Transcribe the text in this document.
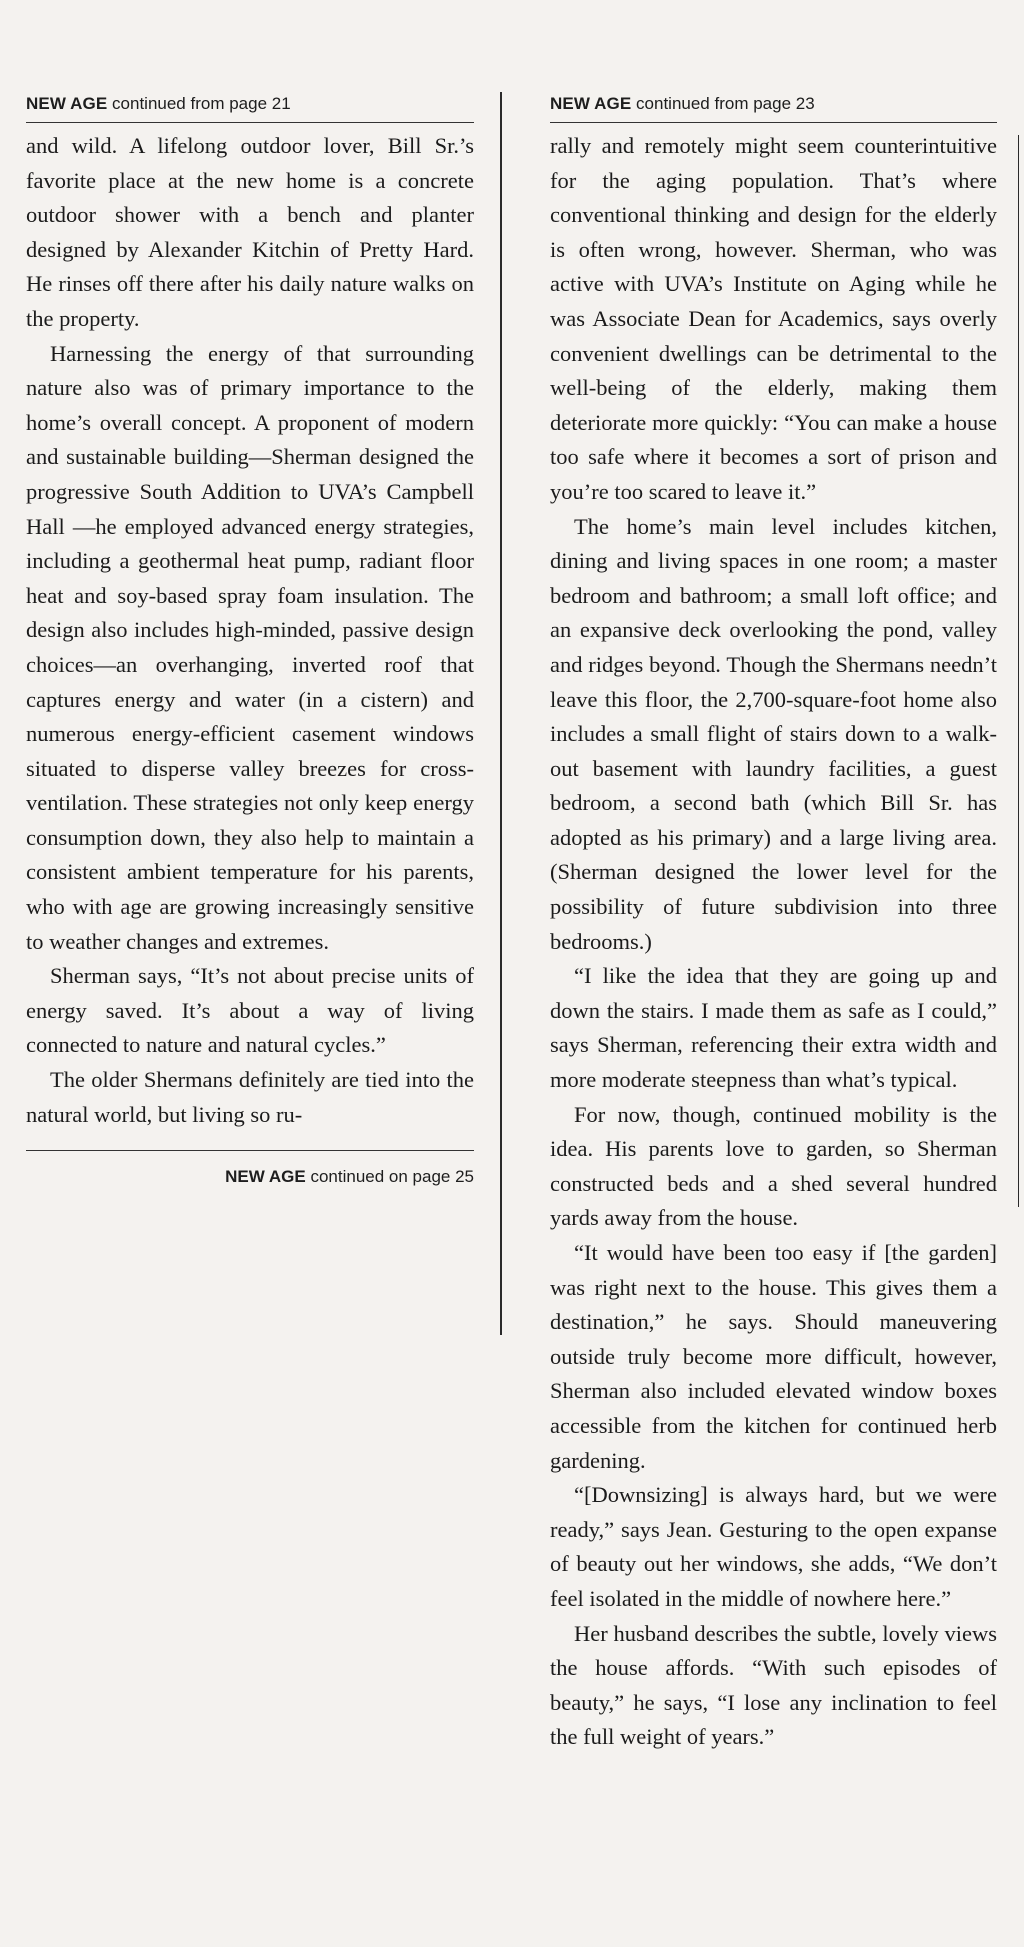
NEW AGE continued from page 21

and wild. A lifelong outdoor lover, Bill Sr.’s favorite place at the new home is a concrete outdoor shower with a bench and planter designed by Alexander Kitchin of Pretty Hard. He rinses off there after his daily nature walks on the property.

Harnessing the energy of that surrounding nature also was of primary importance to the home’s overall concept. A proponent of modern and sustainable building—Sherman designed the progressive South Addition to UVA’s Campbell Hall —he employed advanced energy strategies, including a geothermal heat pump, radiant floor heat and soy-based spray foam insulation. The design also includes high-minded, passive design choices—an overhanging, inverted roof that captures energy and water (in a cistern) and numerous energy-efficient casement windows situated to disperse valley breezes for cross-ventilation. These strategies not only keep energy consumption down, they also help to maintain a consistent ambient temperature for his parents, who with age are growing increasingly sensitive to weather changes and extremes.

Sherman says, “It’s not about precise units of energy saved. It’s about a way of living connected to nature and natural cycles.”

The older Shermans definitely are tied into the natural world, but living so ru-

NEW AGE continued on page 25
NEW AGE continued from page 23

rally and remotely might seem counterintuitive for the aging population. That’s where conventional thinking and design for the elderly is often wrong, however. Sherman, who was active with UVA’s Institute on Aging while he was Associate Dean for Academics, says overly convenient dwellings can be detrimental to the well-being of the elderly, making them deteriorate more quickly: “You can make a house too safe where it becomes a sort of prison and you’re too scared to leave it.”

The home’s main level includes kitchen, dining and living spaces in one room; a master bedroom and bathroom; a small loft office; and an expansive deck overlooking the pond, valley and ridges beyond. Though the Shermans needn’t leave this floor, the 2,700-square-foot home also includes a small flight of stairs down to a walk-out basement with laundry facilities, a guest bedroom, a second bath (which Bill Sr. has adopted as his primary) and a large living area. (Sherman designed the lower level for the possibility of future subdivision into three bedrooms.)

“I like the idea that they are going up and down the stairs. I made them as safe as I could,” says Sherman, referencing their extra width and more moderate steepness than what’s typical.

For now, though, continued mobility is the idea. His parents love to garden, so Sherman constructed beds and a shed several hundred yards away from the house.

“It would have been too easy if [the garden] was right next to the house. This gives them a destination,” he says. Should maneuvering outside truly become more difficult, however, Sherman also included elevated window boxes accessible from the kitchen for continued herb gardening.

“[Downsizing] is always hard, but we were ready,” says Jean. Gesturing to the open expanse of beauty out her windows, she adds, “We don’t feel isolated in the middle of nowhere here.”

Her husband describes the subtle, lovely views the house affords. “With such episodes of beauty,” he says, “I lose any inclination to feel the full weight of years.”
